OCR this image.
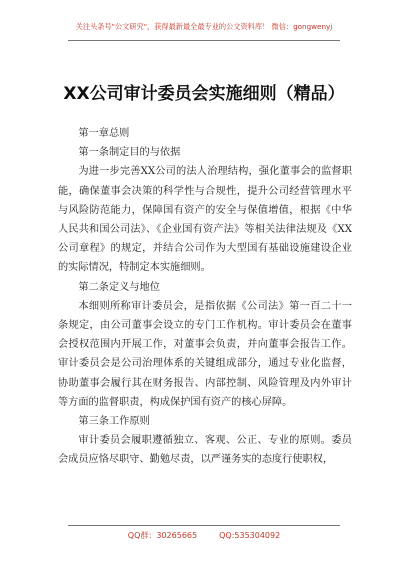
关注头条号"公文研究"，获得最新最全最专业的公文资料库！ 微信：gongwenyj
XX公司审计委员会实施细则（精品）

第一章总则

第一条制定目的与依据

为进一步完善XX公司的法人治理结构，强化董事会的监督职能，确保董事会决策的科学性与合规性，提升公司经营管理水平与风险防范能力，保障国有资产的安全与保值增值，根据《中华人民共和国公司法》、《企业国有资产法》等相关法律法规及《XX公司章程》的规定，并结合公司作为大型国有基础设施建设企业的实际情况，特制定本实施细则。

第二条定义与地位

本细则所称审计委员会，是指依据《公司法》第一百二十一条规定，由公司董事会设立的专门工作机构。审计委员会在董事会授权范围内开展工作，对董事会负责，并向董事会报告工作。审计委员会是公司治理体系的关键组成部分，通过专业化监督，协助董事会履行其在财务报告、内部控制、风险管理及内外审计等方面的监督职责，构成保护国有资产的核心屏障。

第三条工作原则

审计委员会履职遵循独立、客观、公正、专业的原则。委员会成员应恪尽职守、勤勉尽责，以严谨务实的态度行使职权，

QQ群：30265665	QQ:535304092
